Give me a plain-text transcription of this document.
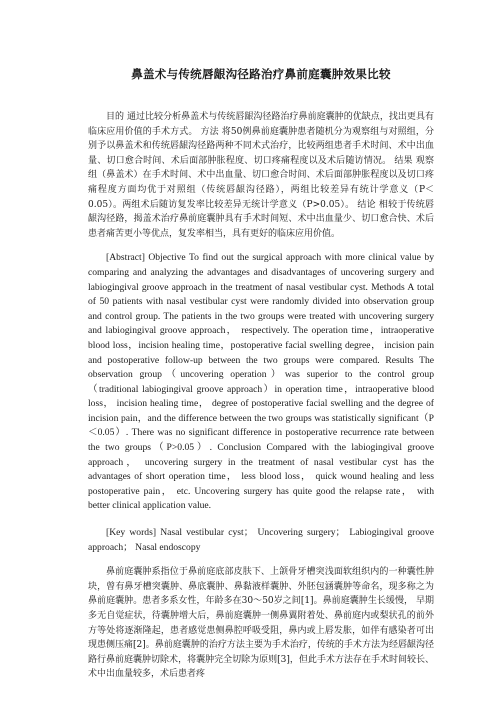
鼻盖术与传统唇龈沟径路治疗鼻前庭囊肿效果比较

目的 通过比较分析鼻盖术与传统唇龈沟径路治疗鼻前庭囊肿的优缺点，找出更具有临床应用价值的手术方式。 方法 将50例鼻前庭囊肿患者随机分为观察组与对照组，分别予以鼻盖术和传统唇龈沟径路两种不同术式治疗，比较两组患者手术时间、术中出血量、切口愈合时间、术后面部肿胀程度、切口疼痛程度以及术后随访情况。 结果 观察组（鼻盖术）在手术时间、术中出血量、切口愈合时间、术后面部肿胀程度以及切口疼痛程度方面均优于对照组（传统唇龈沟径路），两组比较差异有统计学意义（P＜0.05）。两组术后随访复发率比较差异无统计学意义（P>0.05）。 结论 相较于传统唇龈沟径路，揭盖术治疗鼻前庭囊肿具有手术时间短、术中出血量少、切口愈合快、术后患者痛苦更小等优点，复发率相当，具有更好的临床应用价值。

[Abstract] Objective To find out the surgical approach with more clinical value by comparing and analyzing the advantages and disadvantages of uncovering surgery and labiogingival groove approach in the treatment of nasal vestibular cyst. Methods A total of 50 patients with nasal vestibular cyst were randomly divided into observation group and control group. The patients in the two groups were treated with uncovering surgery and labiogingival groove approach， respectively. The operation time，intraoperative blood loss，incision healing time，postoperative facial swelling degree， incision pain and postoperative follow-up between the two groups were compared. Results The observation group（uncovering operation）was superior to the control group（traditional labiogingival groove approach）in operation time，intraoperative blood loss， incision healing time， degree of postoperative facial swelling and the degree of incision pain，and the difference between the two groups was statistically significant（P＜0.05）. There was no significant difference in postoperative recurrence rate between the two groups（P>0.05）. Conclusion Compared with the labiogingival groove approach， uncovering surgery in the treatment of nasal vestibular cyst has the advantages of short operation time， less blood loss， quick wound healing and less postoperative pain， etc. Uncovering surgery has quite good the relapse rate， with better clinical application value.

[Key words] Nasal vestibular cyst； Uncovering surgery； Labiogingival groove approach； Nasal endoscopy

鼻前庭囊肿系指位于鼻前庭底部皮肤下、上颌骨牙槽突浅面软组织内的一种囊性肿块，曾有鼻牙槽突囊肿、鼻底囊肿、鼻黏液样囊肿、外胚包涵囊肿等命名，现多称之为鼻前庭囊肿。患者多系女性，年龄多在30～50岁之间[1]。鼻前庭囊肿生长缓慢， 早期多无自觉症状，待囊肿增大后，鼻前庭囊肿一侧鼻翼附着处、鼻前庭内或梨状孔的前外方等处将逐渐隆起，患者感觉患侧鼻腔呼吸受阻，鼻内或上唇发胀，如伴有感染者可出现患侧压痛[2]。鼻前庭囊肿的治疗方法主要为手术治疗，传统的手术方法为经唇龈沟径路行鼻前庭囊肿切除术，将囊肿完全切除为原则[3]，但此手术方法存在手术时间较长、术中出血量较多，术后患者疼
